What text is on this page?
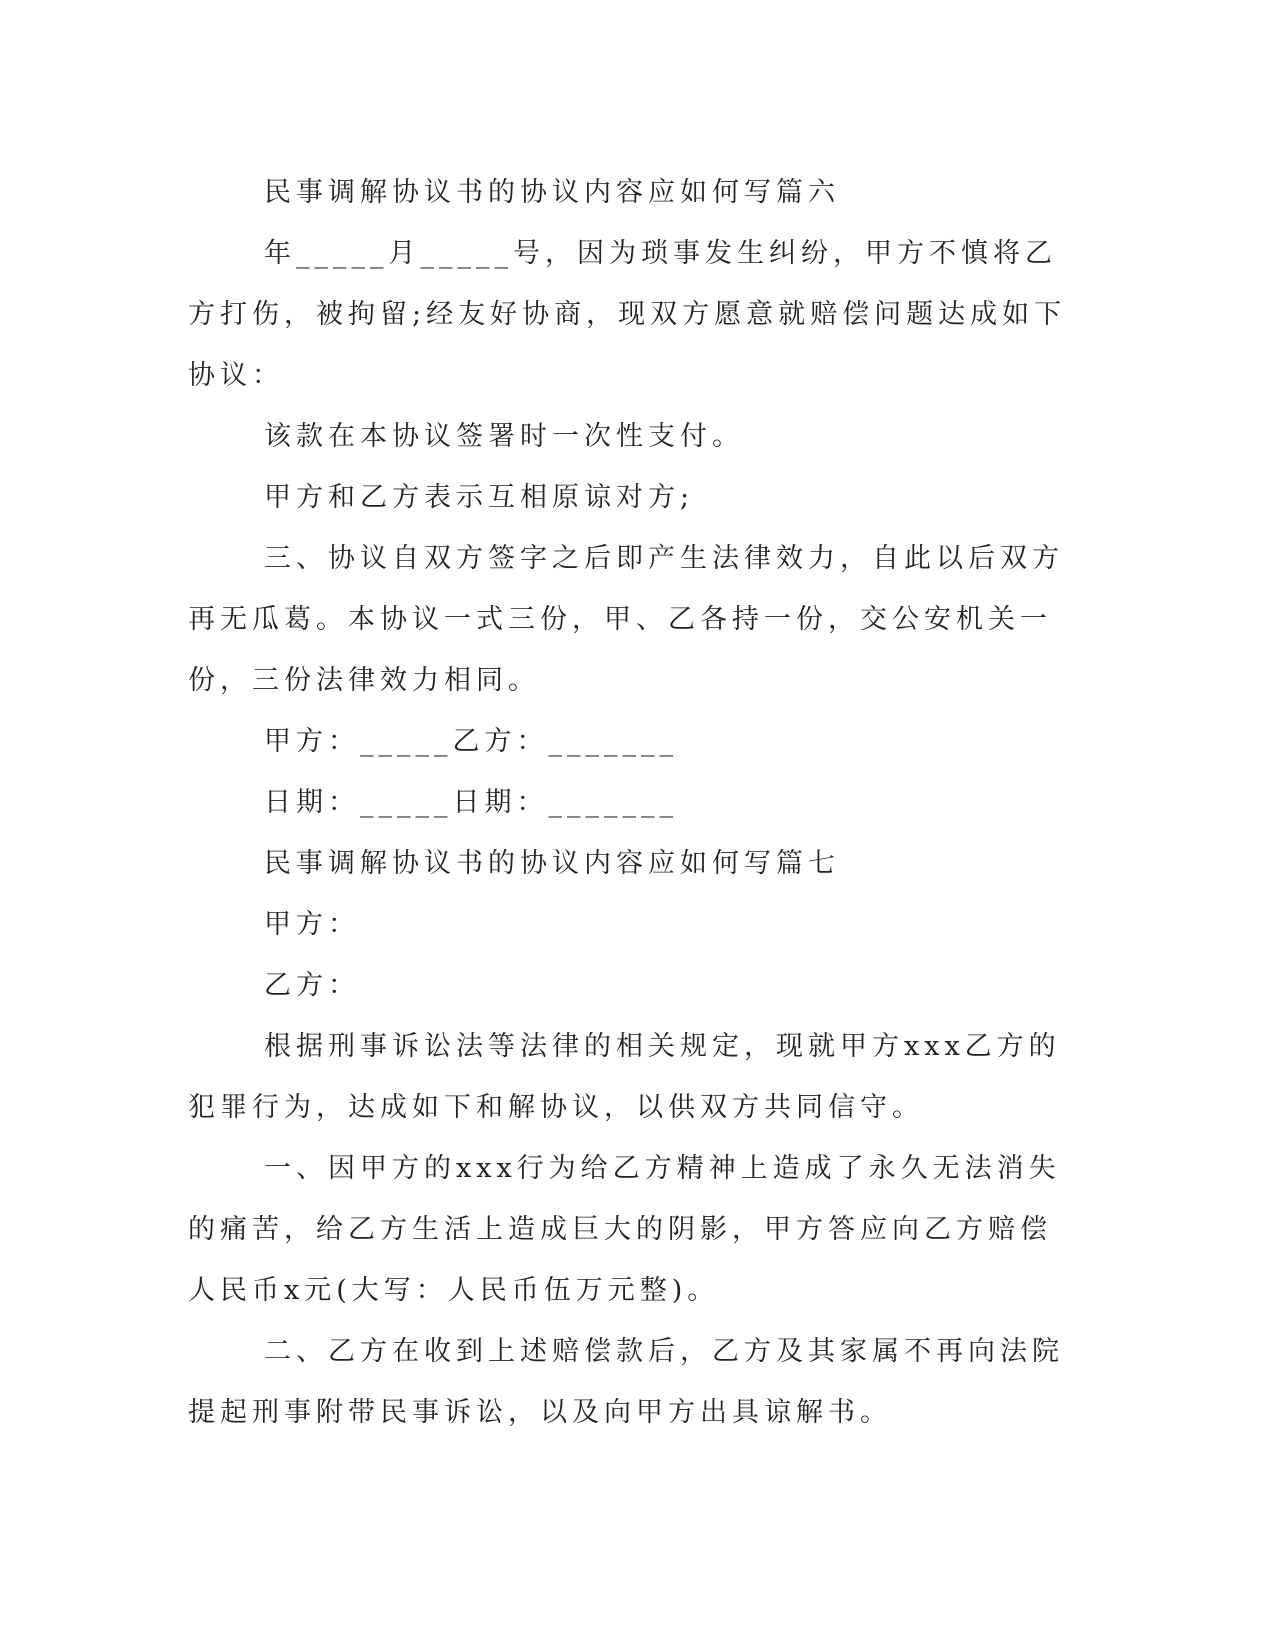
民事调解协议书的协议内容应如何写篇六

年_____月_____号，因为琐事发生纠纷，甲方不慎将乙方打伤，被拘留;经友好协商，现双方愿意就赔偿问题达成如下协议：

该款在本协议签署时一次性支付。

甲方和乙方表示互相原谅对方;

三、协议自双方签字之后即产生法律效力，自此以后双方再无瓜葛。本协议一式三份，甲、乙各持一份，交公安机关一份，三份法律效力相同。

甲方：_____乙方：_______

日期：_____日期：_______

民事调解协议书的协议内容应如何写篇七

甲方：

乙方：

根据刑事诉讼法等法律的相关规定，现就甲方xxx乙方的犯罪行为，达成如下和解协议，以供双方共同信守。

一、因甲方的xxx行为给乙方精神上造成了永久无法消失的痛苦，给乙方生活上造成巨大的阴影，甲方答应向乙方赔偿人民币x元(大写：人民币伍万元整)。

二、乙方在收到上述赔偿款后，乙方及其家属不再向法院提起刑事附带民事诉讼，以及向甲方出具谅解书。
